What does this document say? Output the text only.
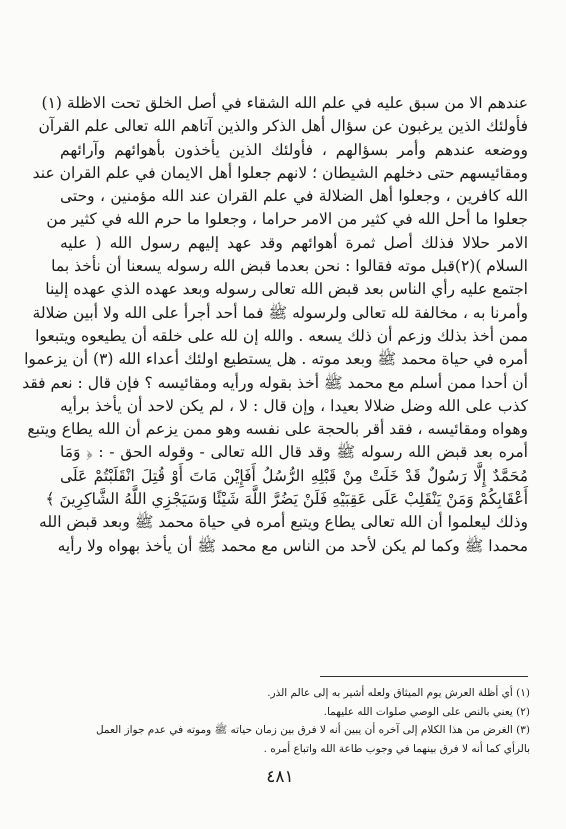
عندهم الا من سبق عليه في علم الله الشقاء في أصل الخلق تحت الاظلة (١)
فأولئك الذين يرغبون عن سؤال أهل الذكر والذين آتاهم الله تعالى علم القرآن
ووضعه عندهم وأمر بسؤالهم ، فأولئك الذين يأخذون بأهوائهم وآرائهم
ومقائيسهم حتى دخلهم الشيطان ؛ لانهم جعلوا أهل الايمان في علم القران عند
الله كافرين ، وجعلوا أهل الضلالة في علم القران عند الله مؤمنين ، وحتى
جعلوا ما أحل الله في كثير من الامر حراما ، وجعلوا ما حرم الله في كثير من
الامر حلالا فذلك أصل ثمرة أهوائهم وقد عهد إليهم رسول الله ( عليه
السلام )(٢)قبل موته فقالوا : نحن بعدما قبض الله رسوله يسعنا أن نأخذ بما
اجتمع عليه رأي الناس بعد قبض الله تعالى رسوله وبعد عهده الذي عهده إلينا
وأمرنا به ، مخالفة لله تعالى ولرسوله ﷺ فما أحد أجرأ على الله ولا أبين ضلالة
ممن أخذ بذلك وزعم أن ذلك يسعه . والله إن لله على خلقه أن يطيعوه ويتبعوا
أمره في حياة محمد ﷺ وبعد موته . هل يستطيع اولئك أعداء الله (٣) أن يزعموا
أن أحدا ممن أسلم مع محمد ﷺ أخذ بقوله ورأيه ومقائيسه ؟ فإن قال : نعم فقد
كذب على الله وضل ضلالا بعيدا ، وإن قال : لا ، لم يكن لاحد أن يأخذ برأيه
وهواه ومقائيسه ، فقد أقر بالحجة على نفسه وهو ممن يزعم أن الله يطاع ويتبع
أمره بعد قبض الله رسوله ﷺ وقد قال الله تعالى - وقوله الحق - : ﴿ وَمَا
مُحَمَّدٌ إِلَّا رَسُولٌ قَدْ خَلَتْ مِنْ قَبْلِهِ الرُّسُلُ أَفَإِيْن مَاتَ أَوْ قُتِلَ انْقَلَبْتُمْ عَلَى
أَعْقَابِكُمْ وَمَنْ يَنْقَلِبْ عَلَى عَقِبَيْهِ فَلَنْ يَضُرَّ اللَّهَ شَيْئًا وَسَيَجْزِي اللَّهُ الشَّاكِرِينَ ﴾
وذلك ليعلموا أن الله تعالى يطاع ويتبع أمره في حياة محمد ﷺ وبعد قبض الله
محمدا ﷺ وكما لم يكن لأحد من الناس مع محمد ﷺ أن يأخذ بهواه ولا رأيه
(١) أي أظلة العرش يوم الميثاق ولعله أشير به إلى عالم الذر.
(٢) يعني بالنص على الوصي صلوات الله عليهما.
(٣) الغرض من هذا الكلام إلى آخره أن يبين أنه لا فرق بين زمان حياته ﷺ وموته في عدم جواز العمل
بالرأي كما أنه لا فرق بينهما في وجوب طاعة الله واتباع أمره .
٤٨١
